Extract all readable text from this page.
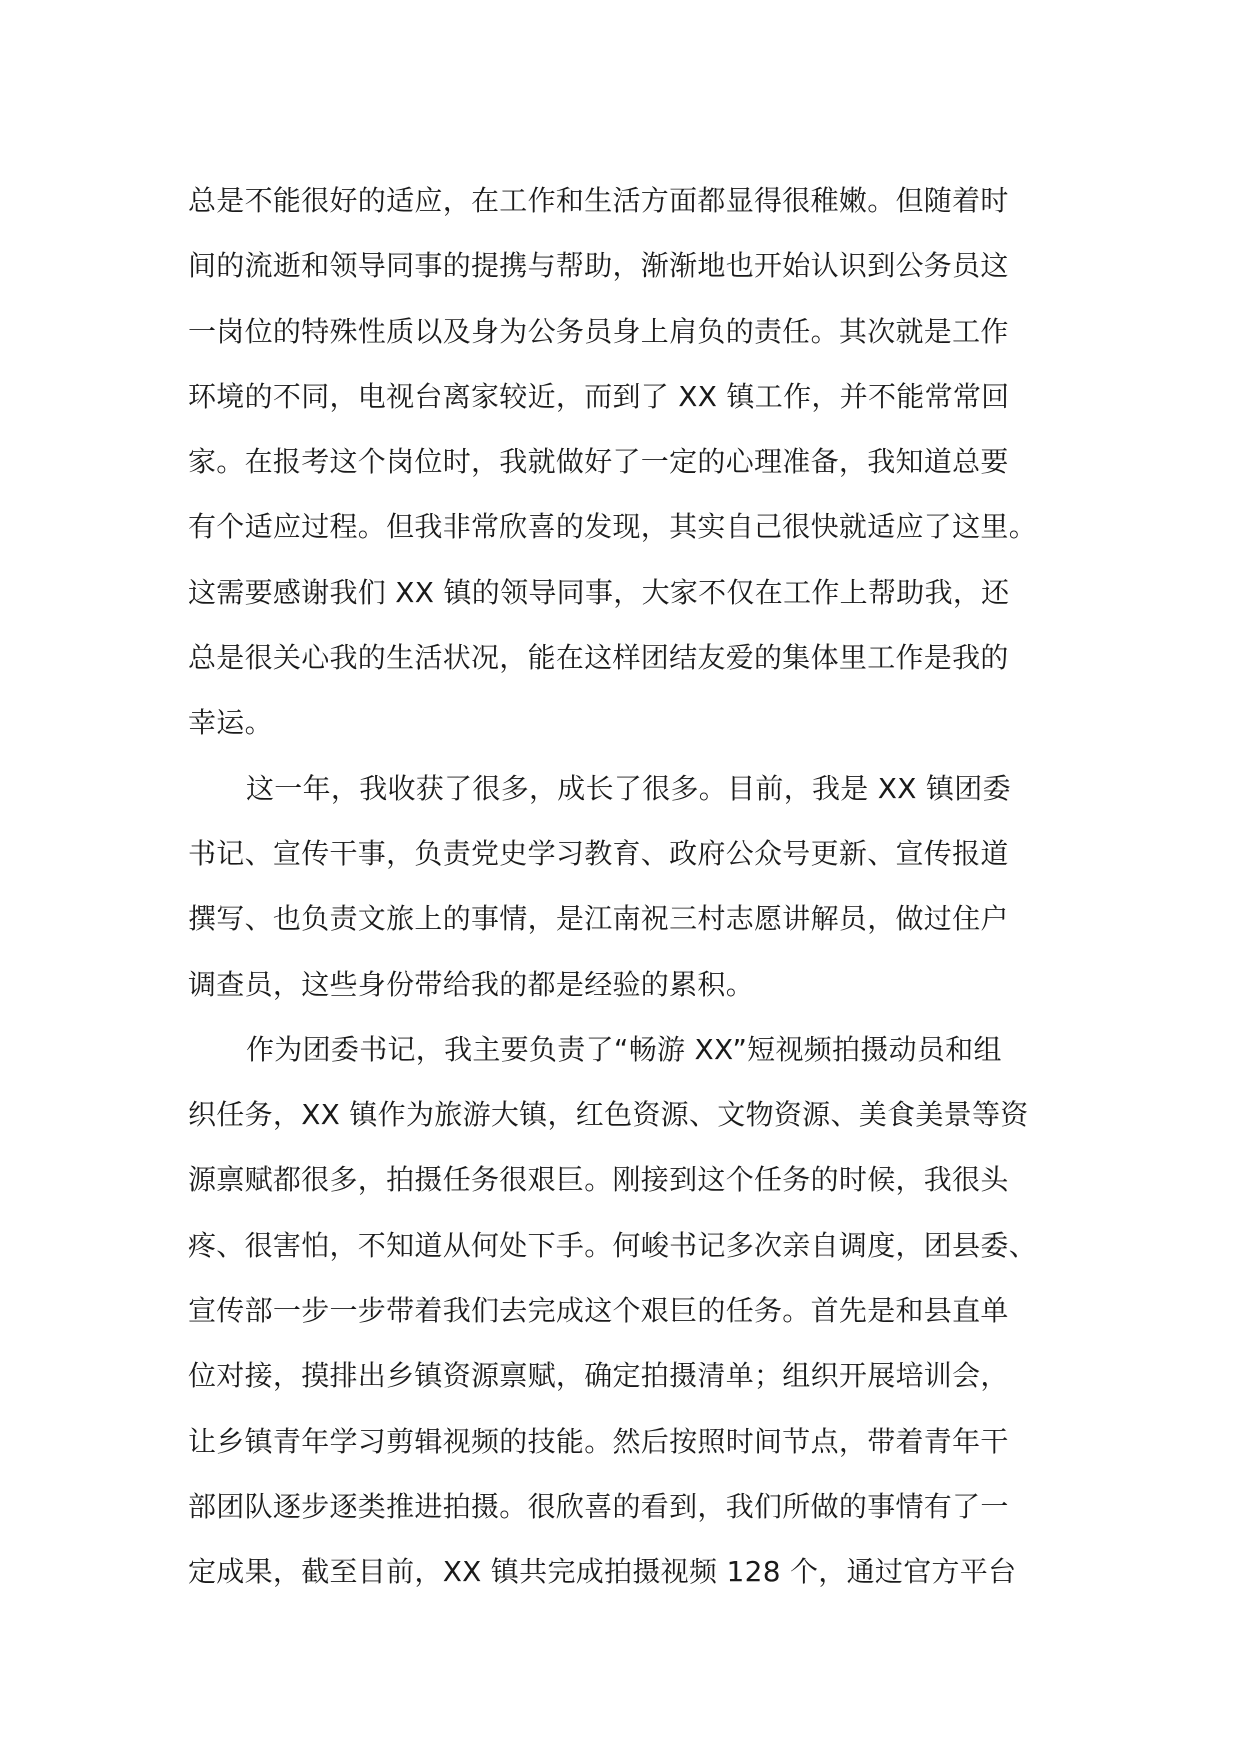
总是不能很好的适应，在工作和生活方面都显得很稚嫩。但随着时
间的流逝和领导同事的提携与帮助，渐渐地也开始认识到公务员这
一岗位的特殊性质以及身为公务员身上肩负的责任。其次就是工作
环境的不同，电视台离家较近，而到了 XX 镇工作，并不能常常回
家。在报考这个岗位时，我就做好了一定的心理准备，我知道总要
有个适应过程。但我非常欣喜的发现，其实自己很快就适应了这里。
这需要感谢我们 XX 镇的领导同事，大家不仅在工作上帮助我，还
总是很关心我的生活状况，能在这样团结友爱的集体里工作是我的
幸运。
这一年，我收获了很多，成长了很多。目前，我是 XX 镇团委
书记、宣传干事，负责党史学习教育、政府公众号更新、宣传报道
撰写、也负责文旅上的事情，是江南祝三村志愿讲解员，做过住户
调查员，这些身份带给我的都是经验的累积。
作为团委书记，我主要负责了“畅游 XX”短视频拍摄动员和组
织任务，XX 镇作为旅游大镇，红色资源、文物资源、美食美景等资
源禀赋都很多，拍摄任务很艰巨。刚接到这个任务的时候，我很头
疼、很害怕，不知道从何处下手。何峻书记多次亲自调度，团县委、
宣传部一步一步带着我们去完成这个艰巨的任务。首先是和县直单
位对接，摸排出乡镇资源禀赋，确定拍摄清单；组织开展培训会，
让乡镇青年学习剪辑视频的技能。然后按照时间节点，带着青年干
部团队逐步逐类推进拍摄。很欣喜的看到，我们所做的事情有了一
定成果，截至目前，XX 镇共完成拍摄视频 128 个，通过官方平台
